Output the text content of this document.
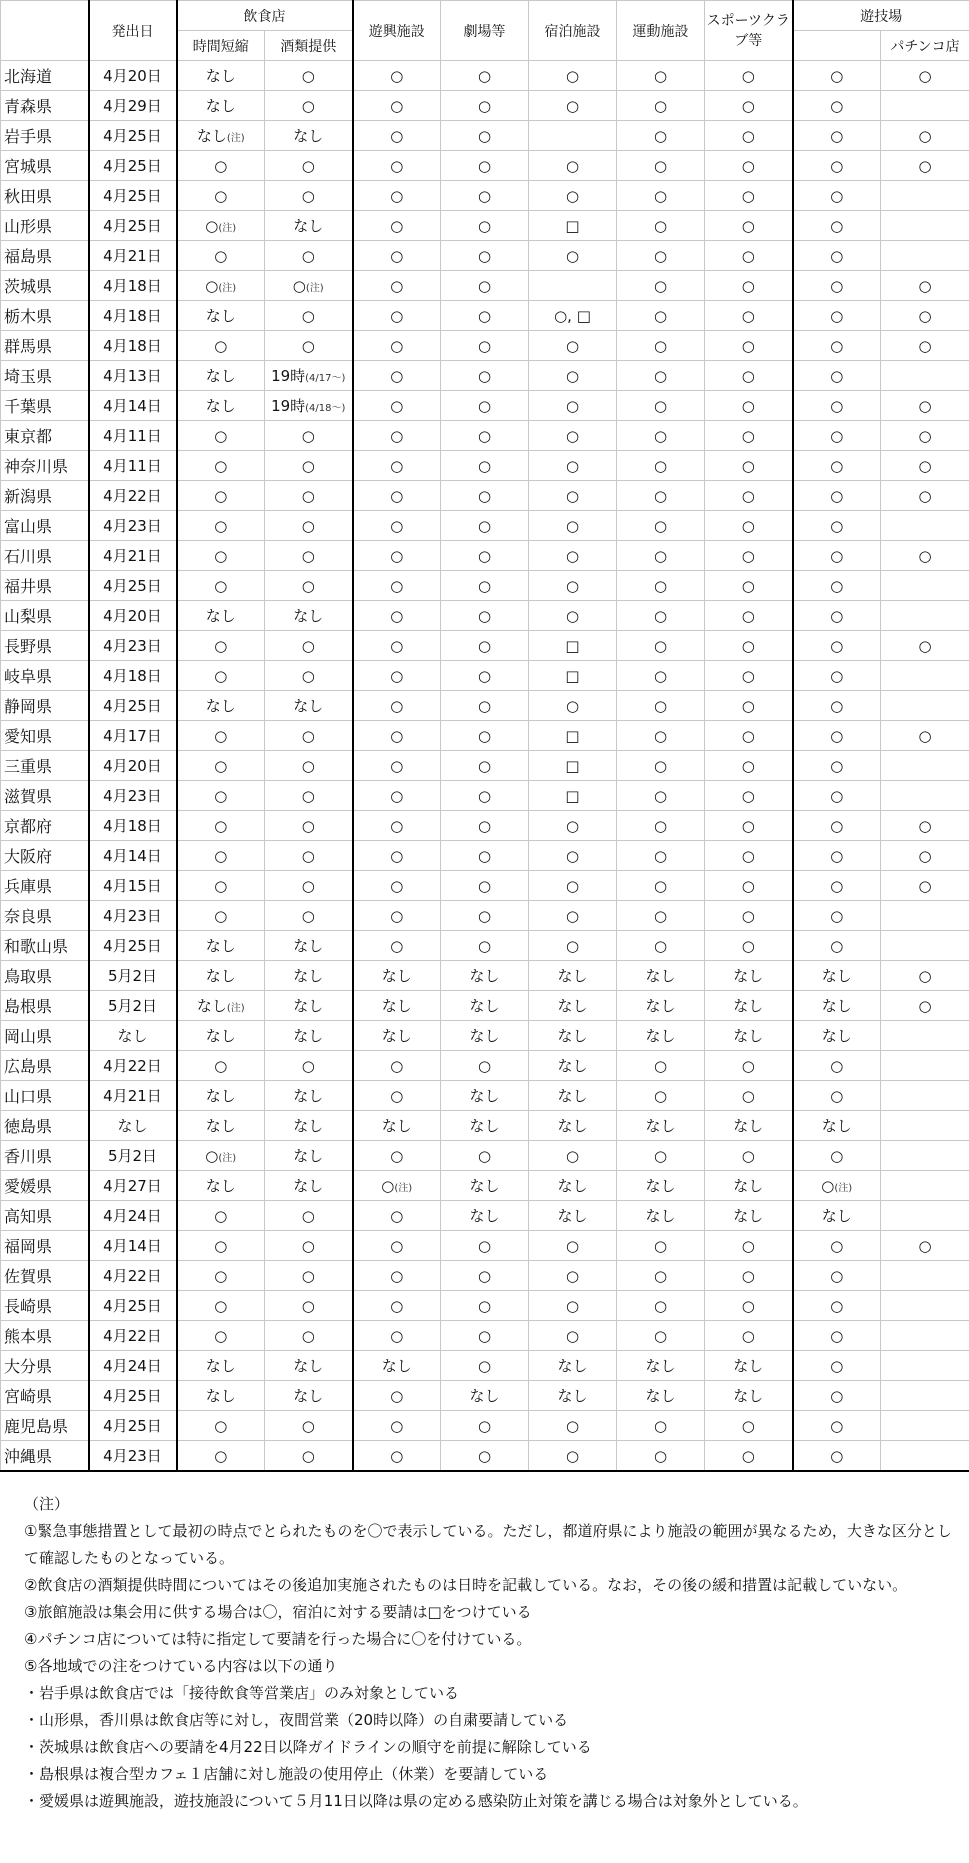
	発出日	飲食店		遊興施設	劇場等	宿泊施設	運動施設	スポーツクラブ等	遊技場	
		時間短縮	酒類提供							パチンコ店
北海道	4月20日	なし	○	○	○	○	○	○	○	○
青森県	4月29日	なし	○	○	○	○	○	○	○	
岩手県	4月25日	なし(注)	なし	○	○		○	○	○	○
宮城県	4月25日	○	○	○	○	○	○	○	○	○
秋田県	4月25日	○	○	○	○	○	○	○	○	
山形県	4月25日	○(注)	なし	○	○	□	○	○	○	
福島県	4月21日	○	○	○	○	○	○	○	○	
茨城県	4月18日	○(注)	○(注)	○	○		○	○	○	○
栃木県	4月18日	なし	○	○	○	○, □	○	○	○	○
群馬県	4月18日	○	○	○	○	○	○	○	○	○
埼玉県	4月13日	なし	19時(4/17〜)	○	○	○	○	○	○	
千葉県	4月14日	なし	19時(4/18〜)	○	○	○	○	○	○	○
東京都	4月11日	○	○	○	○	○	○	○	○	○
神奈川県	4月11日	○	○	○	○	○	○	○	○	○
新潟県	4月22日	○	○	○	○	○	○	○	○	○
富山県	4月23日	○	○	○	○	○	○	○	○	
石川県	4月21日	○	○	○	○	○	○	○	○	○
福井県	4月25日	○	○	○	○	○	○	○	○	
山梨県	4月20日	なし	なし	○	○	○	○	○	○	
長野県	4月23日	○	○	○	○	□	○	○	○	○
岐阜県	4月18日	○	○	○	○	□	○	○	○	
静岡県	4月25日	なし	なし	○	○	○	○	○	○	
愛知県	4月17日	○	○	○	○	□	○	○	○	○
三重県	4月20日	○	○	○	○	□	○	○	○	
滋賀県	4月23日	○	○	○	○	□	○	○	○	
京都府	4月18日	○	○	○	○	○	○	○	○	○
大阪府	4月14日	○	○	○	○	○	○	○	○	○
兵庫県	4月15日	○	○	○	○	○	○	○	○	○
奈良県	4月23日	○	○	○	○	○	○	○	○	
和歌山県	4月25日	なし	なし	○	○	○	○	○	○	
鳥取県	5月2日	なし	なし	なし	なし	なし	なし	なし	なし	○
島根県	5月2日	なし(注)	なし	なし	なし	なし	なし	なし	なし	○
岡山県	なし	なし	なし	なし	なし	なし	なし	なし	なし	
広島県	4月22日	○	○	○	○	なし	○	○	○	
山口県	4月21日	なし	なし	○	なし	なし	○	○	○	
徳島県	なし	なし	なし	なし	なし	なし	なし	なし	なし	
香川県	5月2日	○(注)	なし	○	○	○	○	○	○	
愛媛県	4月27日	なし	なし	○(注)	なし	なし	なし	なし	○(注)	
高知県	4月24日	○	○	○	なし	なし	なし	なし	なし	
福岡県	4月14日	○	○	○	○	○	○	○	○	○
佐賀県	4月22日	○	○	○	○	○	○	○	○	
長崎県	4月25日	○	○	○	○	○	○	○	○	
熊本県	4月22日	○	○	○	○	○	○	○	○	
大分県	4月24日	なし	なし	なし	○	なし	なし	なし	○	
宮崎県	4月25日	なし	なし	○	なし	なし	なし	なし	○	
鹿児島県	4月25日	○	○	○	○	○	○	○	○	
沖縄県	4月23日	○	○	○	○	○	○	○	○	
（注）
①緊急事態措置として最初の時点でとられたものを〇で表示している。ただし，都道府県により施設の範囲が異なるため，大きな区分として確認したものとなっている。
②飲食店の酒類提供時間についてはその後追加実施されたものは日時を記載している。なお，その後の緩和措置は記載していない。
③旅館施設は集会用に供する場合は〇，宿泊に対する要請は□をつけている
④パチンコ店については特に指定して要請を行った場合に〇を付けている。
⑤各地域での注をつけている内容は以下の通り
・岩手県は飲食店では「接待飲食等営業店」のみ対象としている
・山形県，香川県は飲食店等に対し，夜間営業（20時以降）の自粛要請している
・茨城県は飲食店への要請を4月22日以降ガイドラインの順守を前提に解除している
・島根県は複合型カフェ１店舗に対し施設の使用停止（休業）を要請している
・愛媛県は遊興施設，遊技施設について５月11日以降は県の定める感染防止対策を講じる場合は対象外としている。
